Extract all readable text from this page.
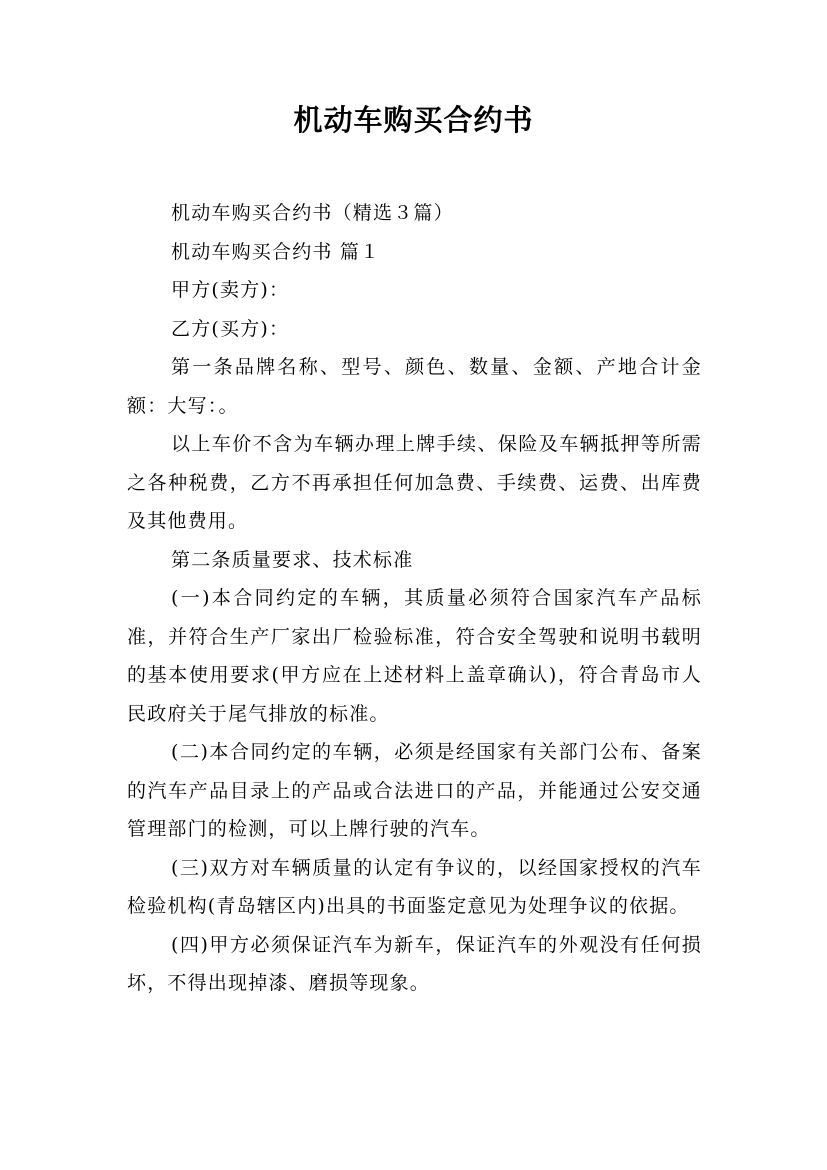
机动车购买合约书

机动车购买合约书（精选３篇）

机动车购买合约书 篇１

甲方(卖方)：

乙方(买方)：

第一条品牌名称、型号、颜色、数量、金额、产地合计金额：大写：。

以上车价不含为车辆办理上牌手续、保险及车辆抵押等所需之各种税费，乙方不再承担任何加急费、手续费、运费、出库费及其他费用。

第二条质量要求、技术标准

(一)本合同约定的车辆，其质量必须符合国家汽车产品标准，并符合生产厂家出厂检验标准，符合安全驾驶和说明书载明的基本使用要求(甲方应在上述材料上盖章确认)，符合青岛市人民政府关于尾气排放的标准。

(二)本合同约定的车辆，必须是经国家有关部门公布、备案的汽车产品目录上的产品或合法进口的产品，并能通过公安交通管理部门的检测，可以上牌行驶的汽车。

(三)双方对车辆质量的认定有争议的，以经国家授权的汽车检验机构(青岛辖区内)出具的书面鉴定意见为处理争议的依据。

(四)甲方必须保证汽车为新车，保证汽车的外观没有任何损坏，不得出现掉漆、磨损等现象。
